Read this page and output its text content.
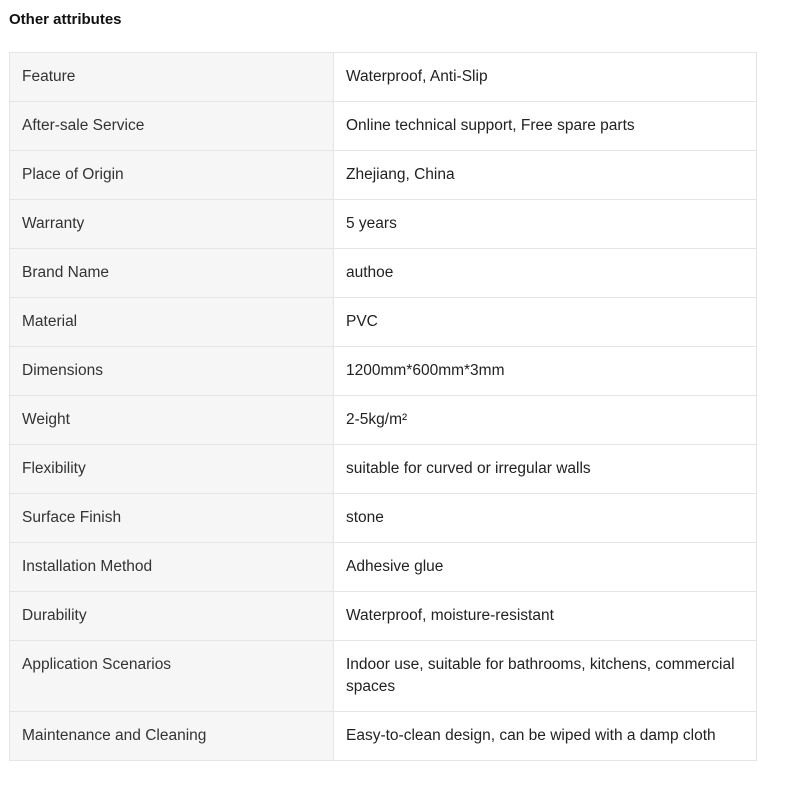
Other attributes
Feature	Waterproof, Anti-Slip
After-sale Service	Online technical support, Free spare parts
Place of Origin	Zhejiang, China
Warranty	5 years
Brand Name	authoe
Material	PVC
Dimensions	1200mm*600mm*3mm
Weight	2-5kg/m²
Flexibility	suitable for curved or irregular walls
Surface Finish	stone
Installation Method	Adhesive glue
Durability	Waterproof, moisture-resistant
Application Scenarios	Indoor use, suitable for bathrooms, kitchens, commercial spaces
Maintenance and Cleaning	Easy-to-clean design, can be wiped with a damp cloth
